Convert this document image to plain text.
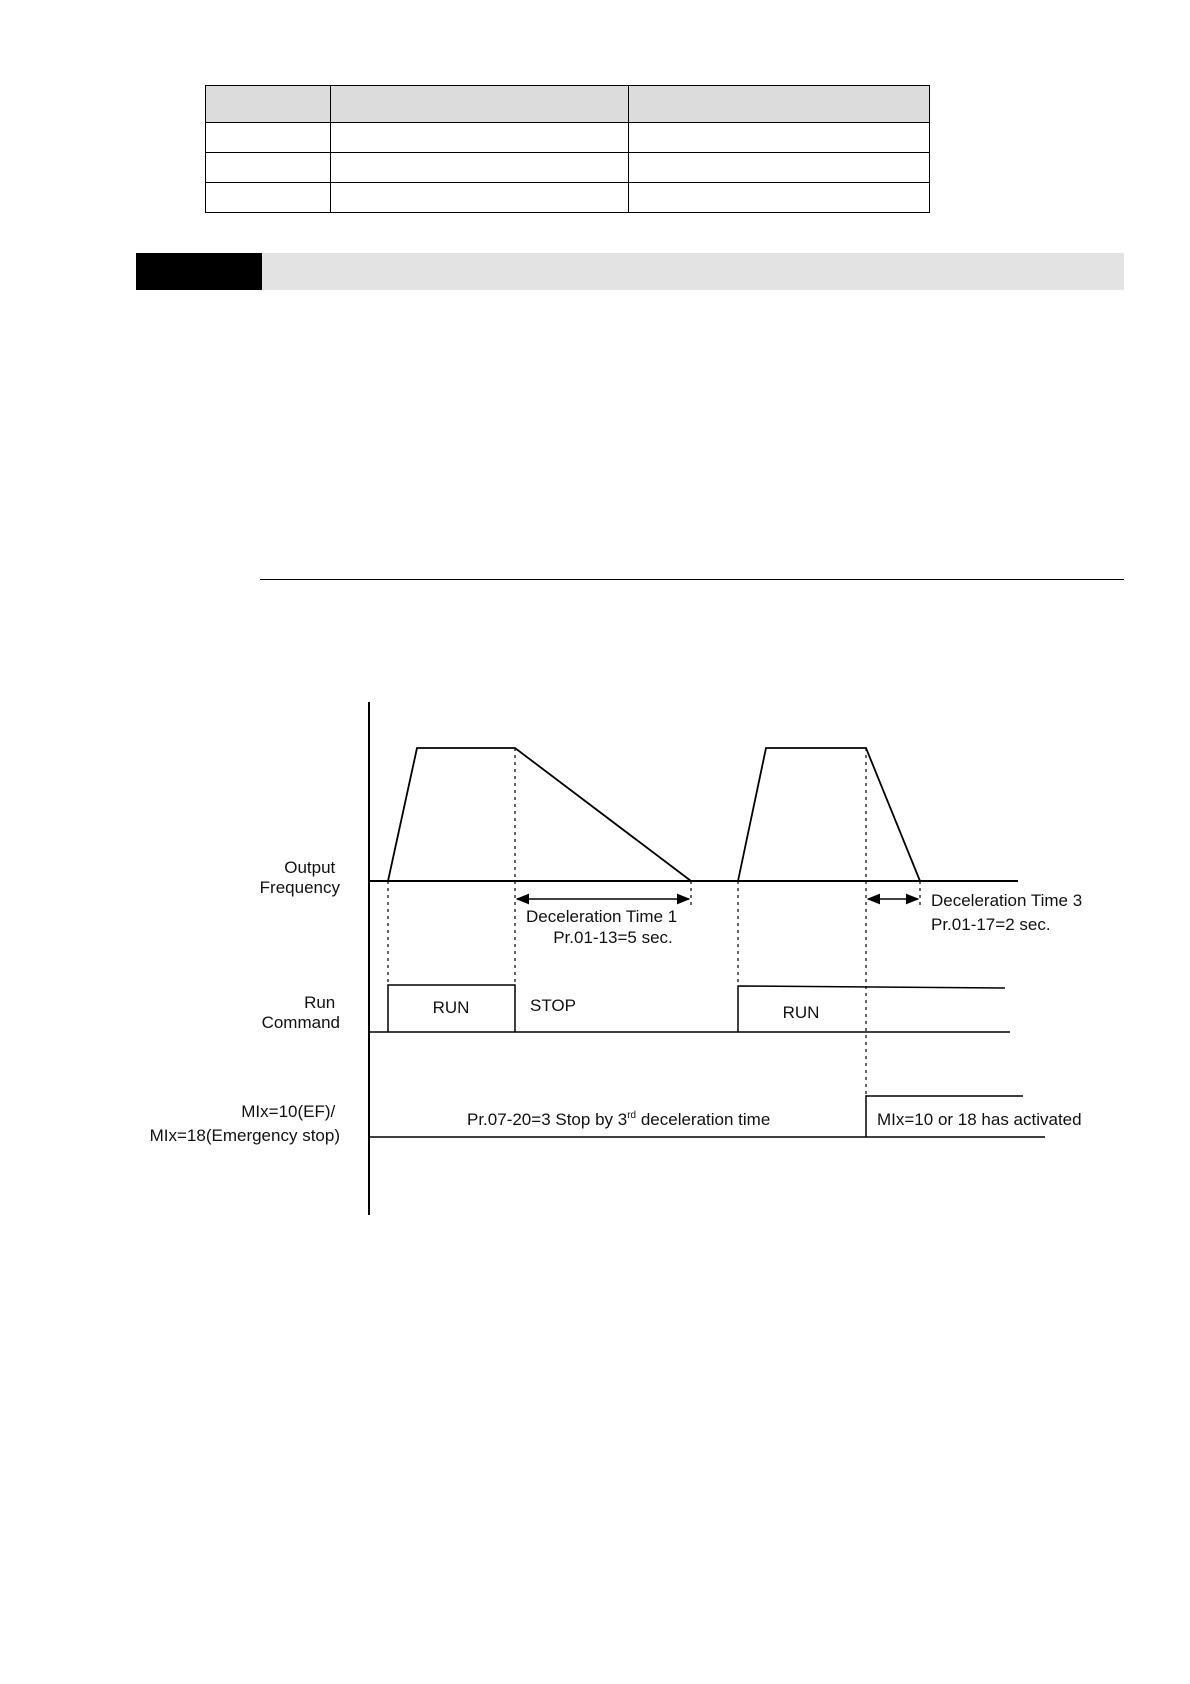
Output Frequency
Run Command
MIx=10(EF)/ MIx=18(Emergency stop)
Deceleration Time 1 Pr.01-13=5 sec.
Deceleration Time 3 Pr.01-17=2 sec.
RUN	STOP	RUN
Pr.07-20=3 Stop by 3rd deceleration time	MIx=10 or 18 has activated
